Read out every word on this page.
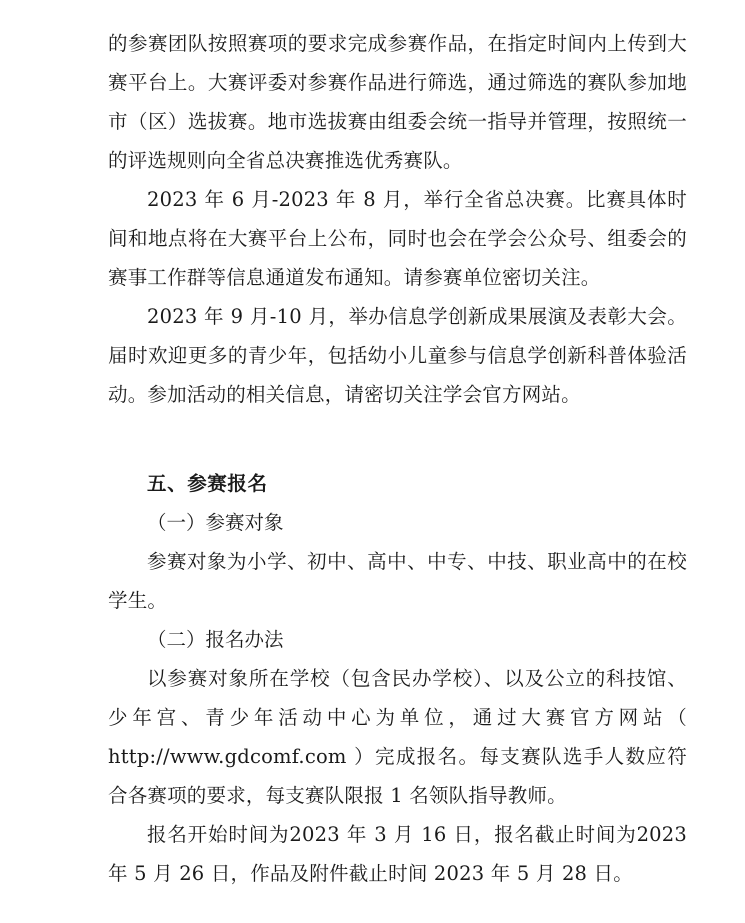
的参赛团队按照赛项的要求完成参赛作品，在指定时间内上传到大赛平台上。大赛评委对参赛作品进行筛选，通过筛选的赛队参加地市（区）选拔赛。地市选拔赛由组委会统一指导并管理，按照统一的评选规则向全省总决赛推选优秀赛队。

2023 年 6 月-2023 年 8 月，举行全省总决赛。比赛具体时间和地点将在大赛平台上公布，同时也会在学会公众号、组委会的赛事工作群等信息通道发布通知。请参赛单位密切关注。

2023 年 9 月-10 月，举办信息学创新成果展演及表彰大会。届时欢迎更多的青少年，包括幼小儿童参与信息学创新科普体验活动。参加活动的相关信息，请密切关注学会官方网站。

五、参赛报名

（一）参赛对象

参赛对象为小学、初中、高中、中专、中技、职业高中的在校学生。

（二）报名办法

以参赛对象所在学校（包含民办学校）、以及公立的科技馆、少年宫、青少年活动中心为单位，通过大赛官方网站（ http://www.gdcomf.com ）完成报名。每支赛队选手人数应符合各赛项的要求，每支赛队限报 1 名领队指导教师。

报名开始时间为2023 年 3 月 16 日，报名截止时间为2023 年 5 月 26 日，作品及附件截止时间 2023 年 5 月 28 日。
